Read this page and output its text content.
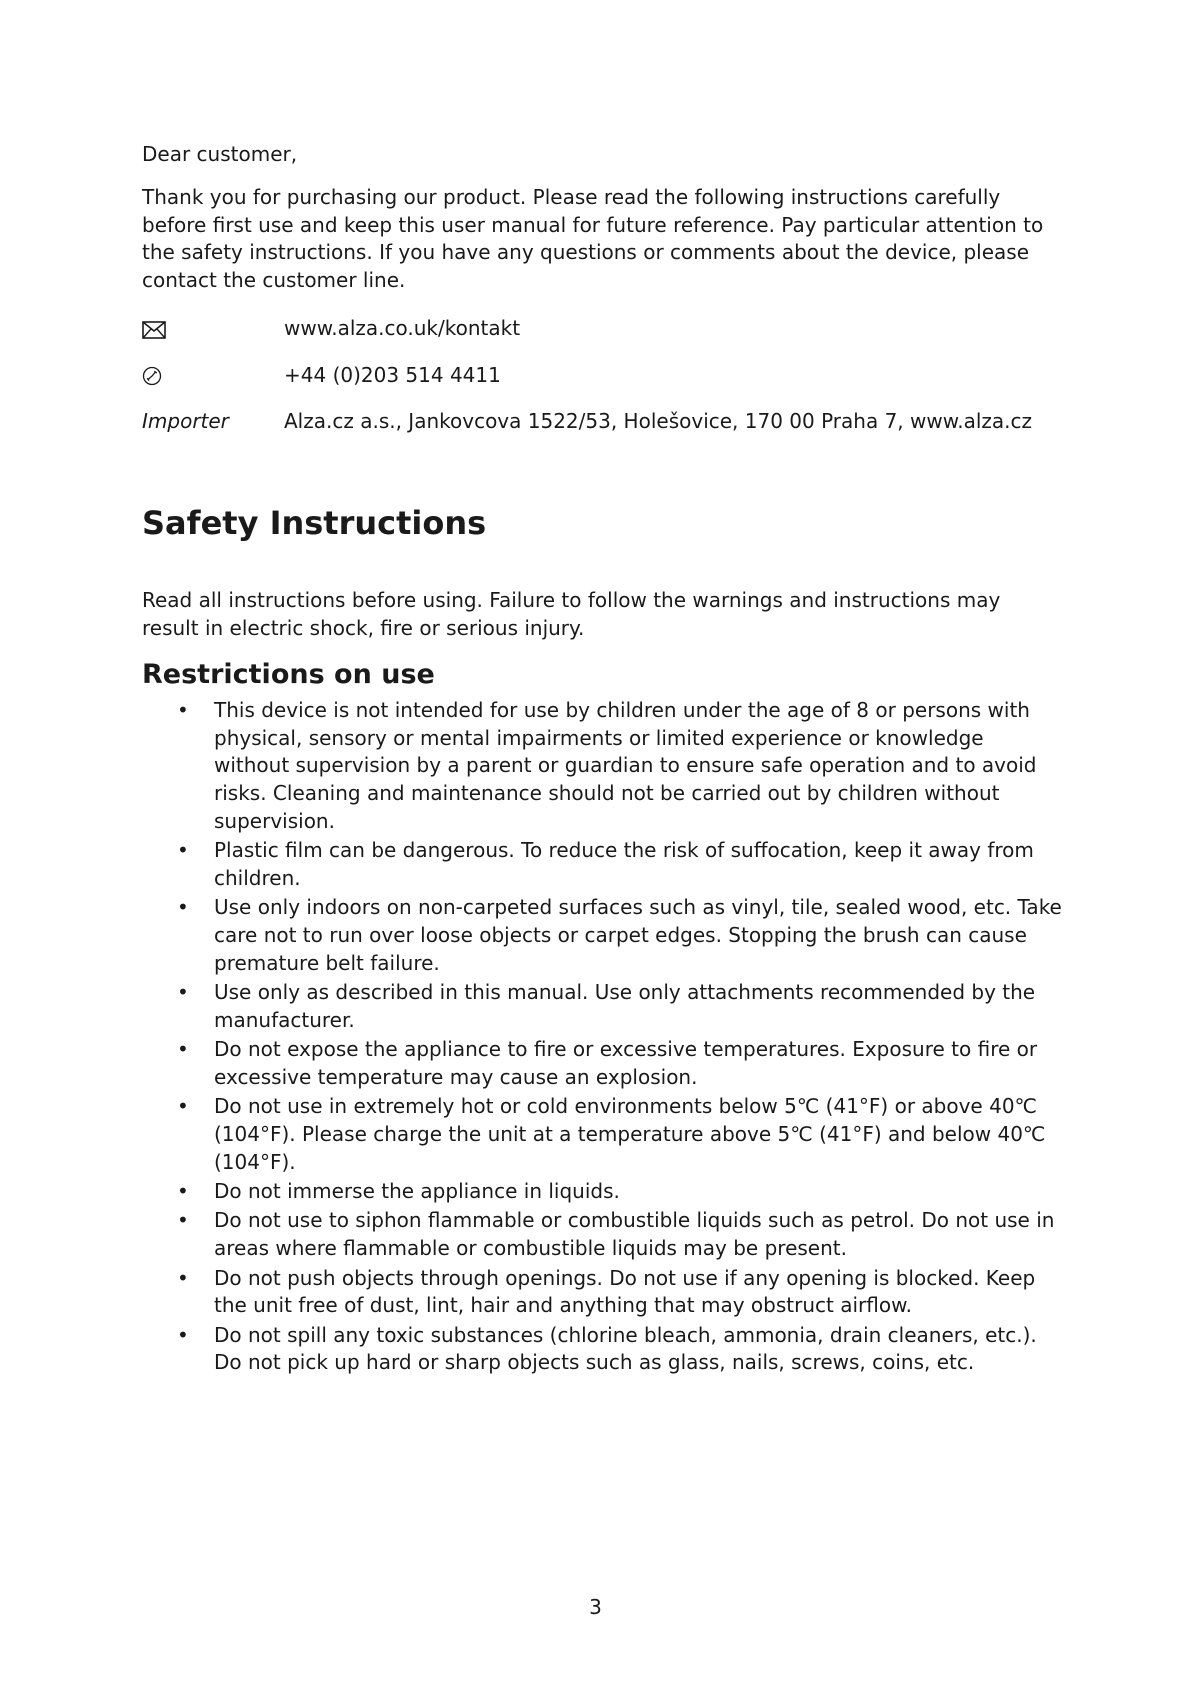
Dear customer,

Thank you for purchasing our product. Please read the following instructions carefully before first use and keep this user manual for future reference. Pay particular attention to the safety instructions. If you have any questions or comments about the device, please contact the customer line.

www.alza.co.uk/kontakt
+44 (0)203 514 4411
Importer	Alza.cz a.s., Jankovcova 1522/53, Holešovice, 170 00 Praha 7, www.alza.cz
Safety Instructions

Read all instructions before using. Failure to follow the warnings and instructions may result in electric shock, fire or serious injury.

Restrictions on use
• This device is not intended for use by children under the age of 8 or persons with physical, sensory or mental impairments or limited experience or knowledge without supervision by a parent or guardian to ensure safe operation and to avoid risks. Cleaning and maintenance should not be carried out by children without supervision.
• Plastic film can be dangerous. To reduce the risk of suffocation, keep it away from children.
• Use only indoors on non-carpeted surfaces such as vinyl, tile, sealed wood, etc. Take care not to run over loose objects or carpet edges. Stopping the brush can cause premature belt failure.
• Use only as described in this manual. Use only attachments recommended by the manufacturer.
• Do not expose the appliance to fire or excessive temperatures. Exposure to fire or excessive temperature may cause an explosion.
• Do not use in extremely hot or cold environments below 5℃ (41°F) or above 40℃ (104°F). Please charge the unit at a temperature above 5℃ (41°F) and below 40℃ (104°F).
• Do not immerse the appliance in liquids.
• Do not use to siphon flammable or combustible liquids such as petrol. Do not use in areas where flammable or combustible liquids may be present.
• Do not push objects through openings. Do not use if any opening is blocked. Keep the unit free of dust, lint, hair and anything that may obstruct airflow.
• Do not spill any toxic substances (chlorine bleach, ammonia, drain cleaners, etc.). Do not pick up hard or sharp objects such as glass, nails, screws, coins, etc.

3
